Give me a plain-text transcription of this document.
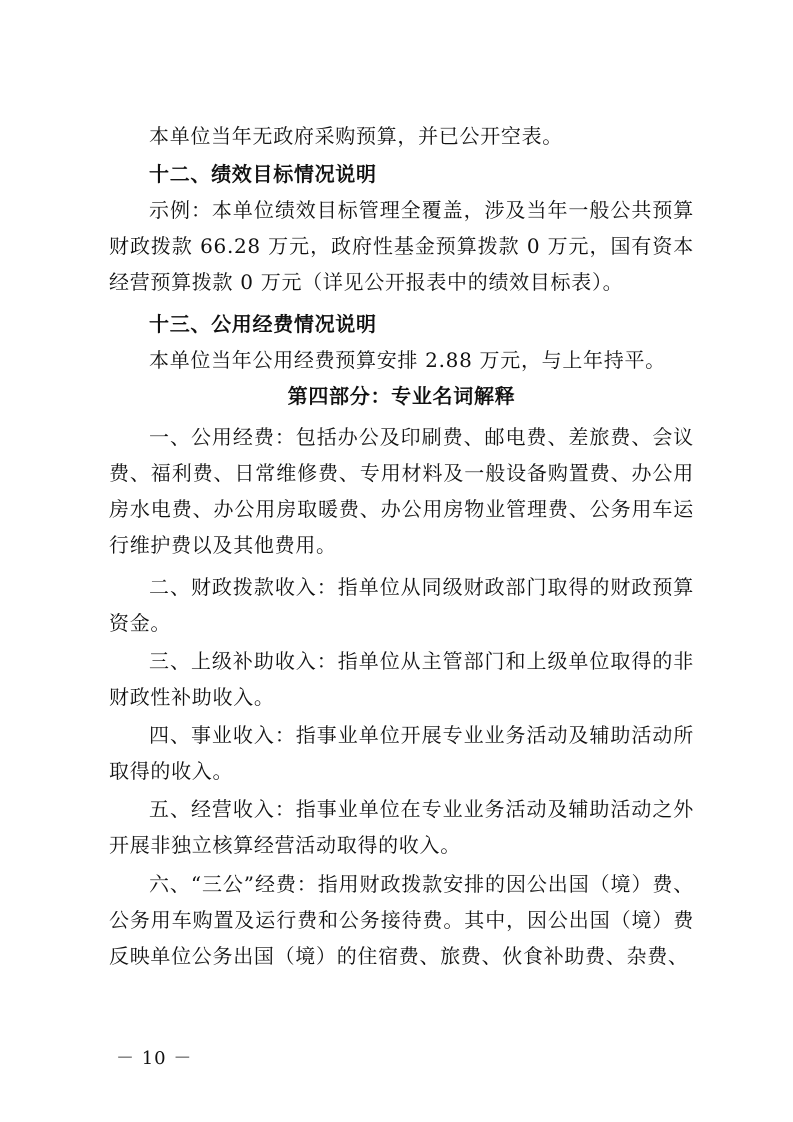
本单位当年无政府采购预算，并已公开空表。

十二、绩效目标情况说明

示例：本单位绩效目标管理全覆盖，涉及当年一般公共预算财政拨款 66.28 万元，政府性基金预算拨款 0 万元，国有资本经营预算拨款 0 万元（详见公开报表中的绩效目标表）。

十三、公用经费情况说明

本单位当年公用经费预算安排 2.88 万元，与上年持平。

第四部分：专业名词解释

一、公用经费：包括办公及印刷费、邮电费、差旅费、会议费、福利费、日常维修费、专用材料及一般设备购置费、办公用房水电费、办公用房取暖费、办公用房物业管理费、公务用车运行维护费以及其他费用。

二、财政拨款收入：指单位从同级财政部门取得的财政预算资金。

三、上级补助收入：指单位从主管部门和上级单位取得的非财政性补助收入。

四、事业收入：指事业单位开展专业业务活动及辅助活动所取得的收入。

五、经营收入：指事业单位在专业业务活动及辅助活动之外开展非独立核算经营活动取得的收入。

六、“三公”经费：指用财政拨款安排的因公出国（境）费、公务用车购置及运行费和公务接待费。其中，因公出国（境）费反映单位公务出国（境）的住宿费、旅费、伙食补助费、杂费、

－ 10 －
